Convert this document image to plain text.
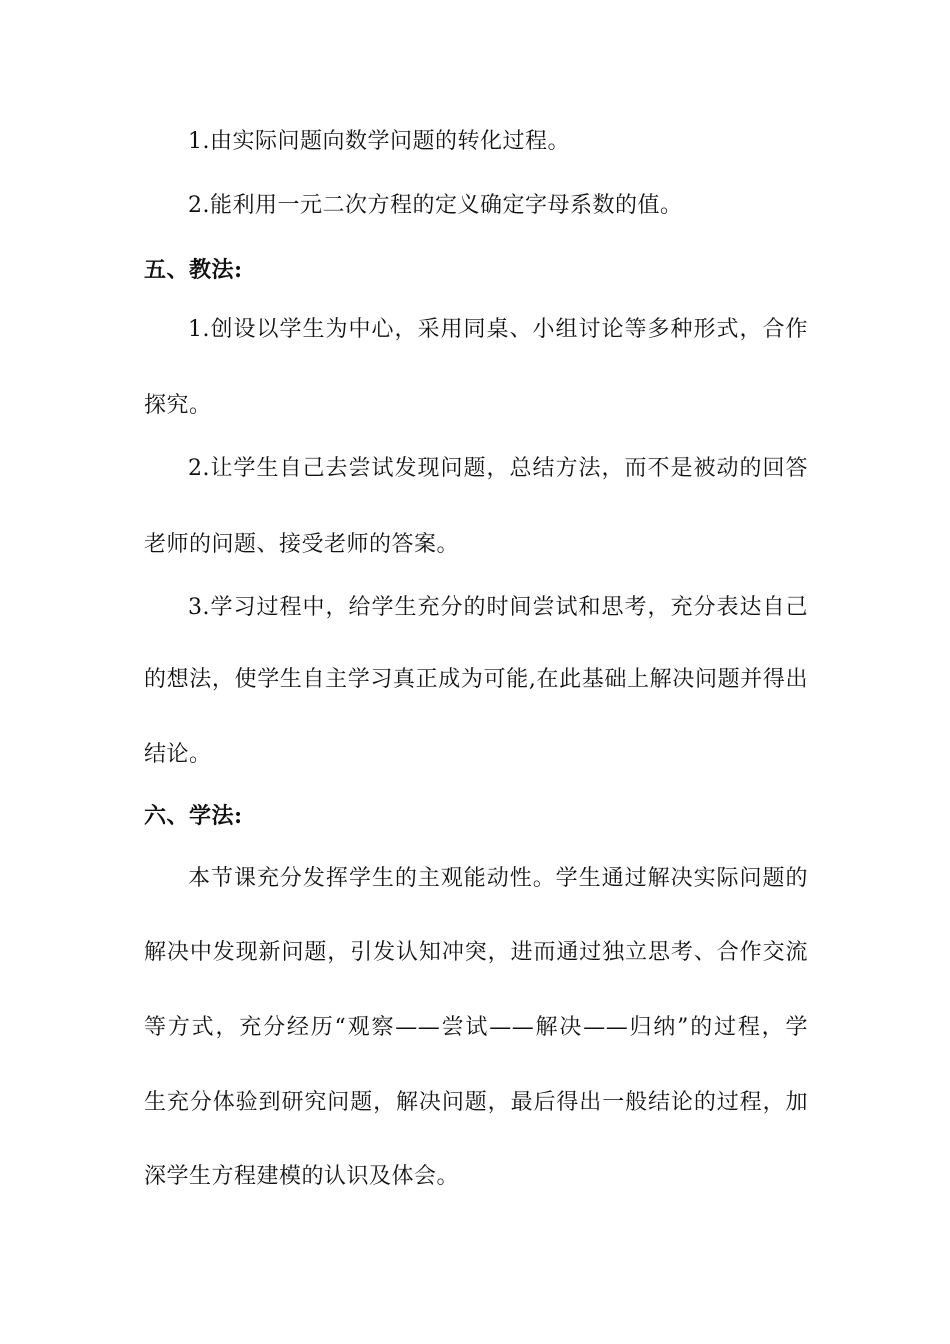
1.由实际问题向数学问题的转化过程。
2.能利用一元二次方程的定义确定字母系数的值。
五、教法:
1.创设以学生为中心，采用同桌、小组讨论等多种形式，合作
探究。
2.让学生自己去尝试发现问题，总结方法，而不是被动的回答
老师的问题、接受老师的答案。
3.学习过程中，给学生充分的时间尝试和思考，充分表达自己
的想法，使学生自主学习真正成为可能,在此基础上解决问题并得出
结论。
六、学法:
本节课充分发挥学生的主观能动性。学生通过解决实际问题的
解决中发现新问题，引发认知冲突，进而通过独立思考、合作交流
等方式，充分经历“观察——尝试——解决——归纳”的过程，学
生充分体验到研究问题，解决问题，最后得出一般结论的过程，加
深学生方程建模的认识及体会。
